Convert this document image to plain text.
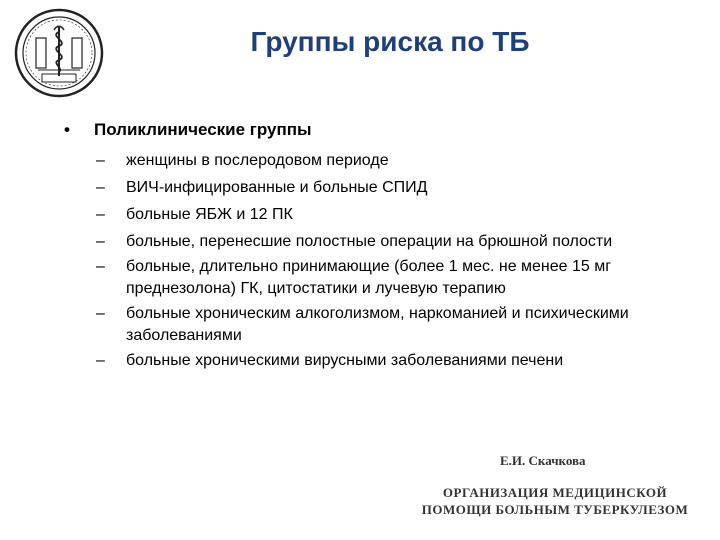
Группы риска по ТБ
•	Поликлинические группы
–	женщины в послеродовом периоде
–	ВИЧ-инфицированные и больные СПИД
–	больные ЯБЖ и 12 ПК
–	больные, перенесшие полостные операции на брюшной полости
–	больные, длительно принимающие (более 1 мес. не менее 15 мг преднезолона) ГК, цитостатики и лучевую терапию
–	больные хроническим алкоголизмом, наркоманией и психическими заболеваниями
–	больные хроническими вирусными заболеваниями печени
Е.И. Скачкова
ОРГАНИЗАЦИЯ МЕДИЦИНСКОЙ
ПОМОЩИ БОЛЬНЫМ ТУБЕРКУЛЕЗОМ
